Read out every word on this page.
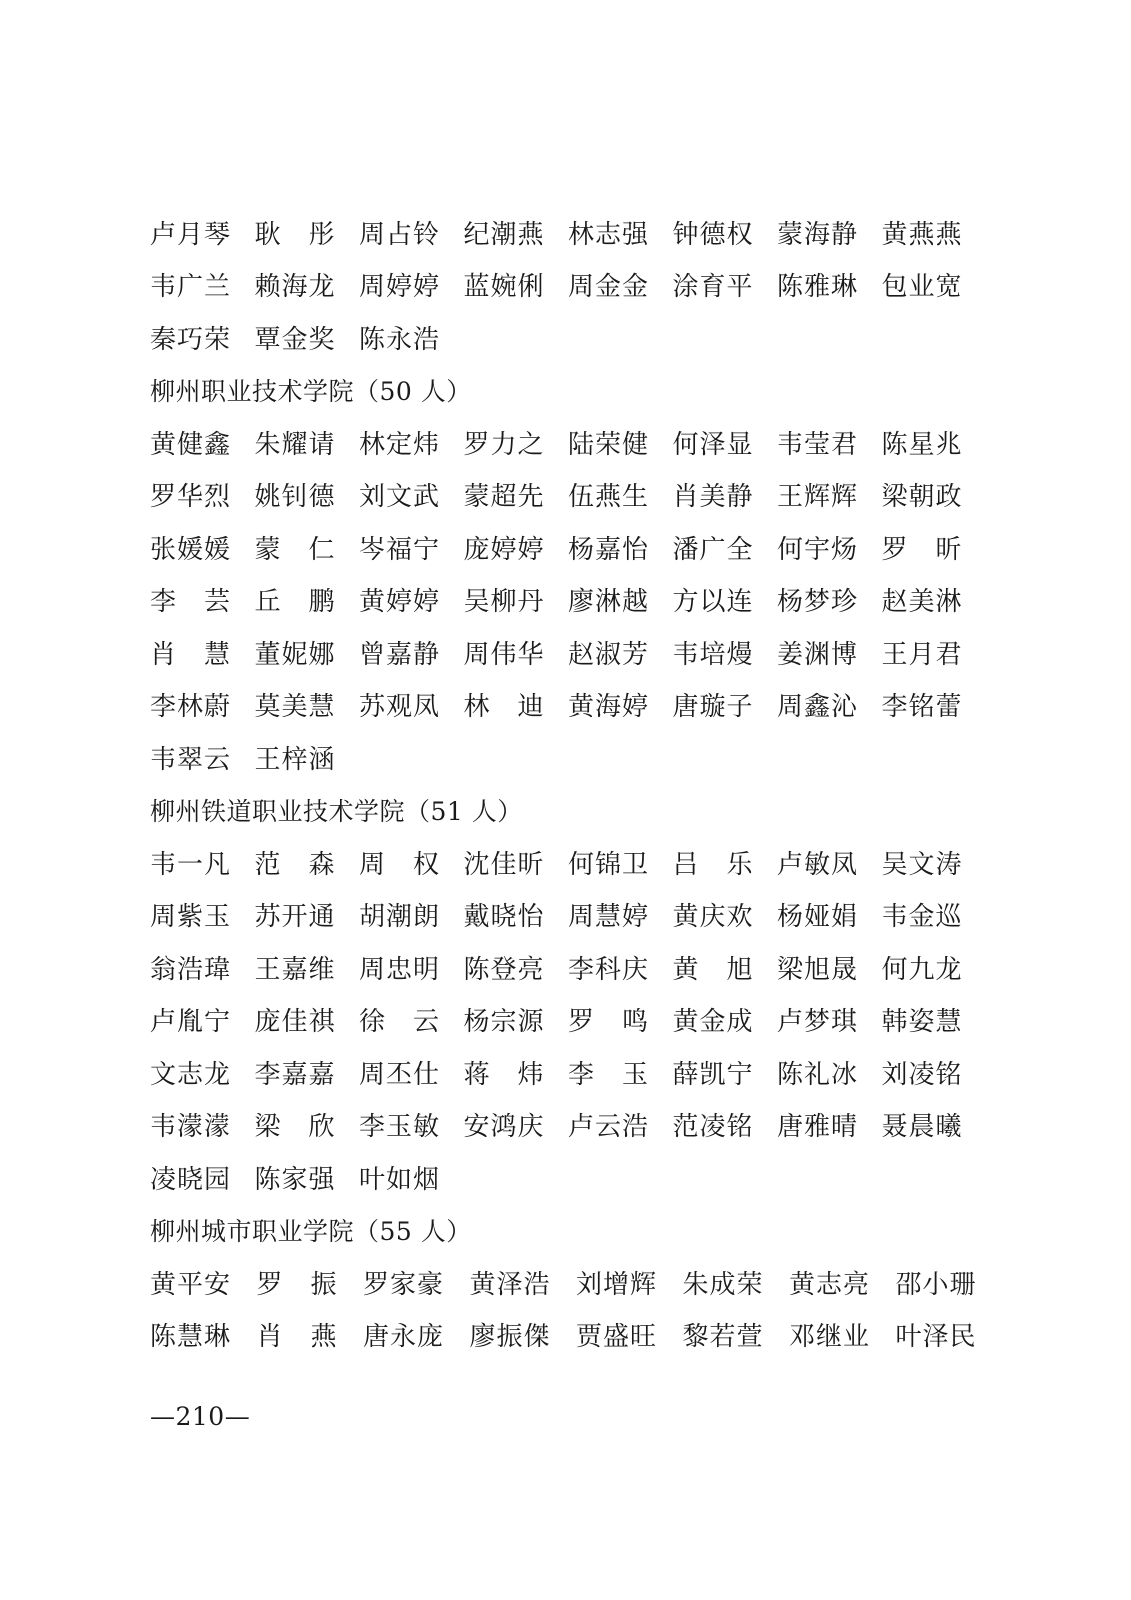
卢月琴 耿　彤 周占铃 纪潮燕 林志强 钟德权 蒙海静 黄燕燕
韦广兰 赖海龙 周婷婷 蓝婉俐 周金金 涂育平 陈雅琳 包业宽
秦巧荣 覃金奖 陈永浩
柳州职业技术学院（50 人）
黄健鑫 朱耀请 林定炜 罗力之 陆荣健 何泽显 韦莹君 陈星兆
罗华烈 姚钊德 刘文武 蒙超先 伍燕生 肖美静 王辉辉 梁朝政
张媛媛 蒙　仁 岑福宁 庞婷婷 杨嘉怡 潘广全 何宇炀 罗　昕
李　芸 丘　鹏 黄婷婷 吴柳丹 廖淋越 方以连 杨梦珍 赵美淋
肖　慧 董妮娜 曾嘉静 周伟华 赵淑芳 韦培熳 姜渊博 王月君
李林蔚 莫美慧 苏观凤 林　迪 黄海婷 唐璇子 周鑫沁 李铭蕾
韦翠云 王梓涵
柳州铁道职业技术学院（51 人）
韦一凡 范　森 周　权 沈佳昕 何锦卫 吕　乐 卢敏凤 吴文涛
周紫玉 苏开通 胡潮朗 戴晓怡 周慧婷 黄庆欢 杨娅娟 韦金巡
翁浩瑋 王嘉维 周忠明 陈登亮 李科庆 黄　旭 梁旭晟 何九龙
卢胤宁 庞佳祺 徐　云 杨宗源 罗　鸣 黄金成 卢梦琪 韩姿慧
文志龙 李嘉嘉 周丕仕 蒋　炜 李　玉 薛凯宁 陈礼冰 刘凌铭
韦濛濛 梁　欣 李玉敏 安鸿庆 卢云浩 范凌铭 唐雅晴 聂晨曦
凌晓园 陈家强 叶如烟
柳州城市职业学院（55 人）
黄平安 罗　振 罗家豪 黄泽浩 刘增辉 朱成荣 黄志亮 邵小珊
陈慧琳 肖　燕 唐永庞 廖振傑 贾盛旺 黎若萱 邓继业 叶泽民
—210—
